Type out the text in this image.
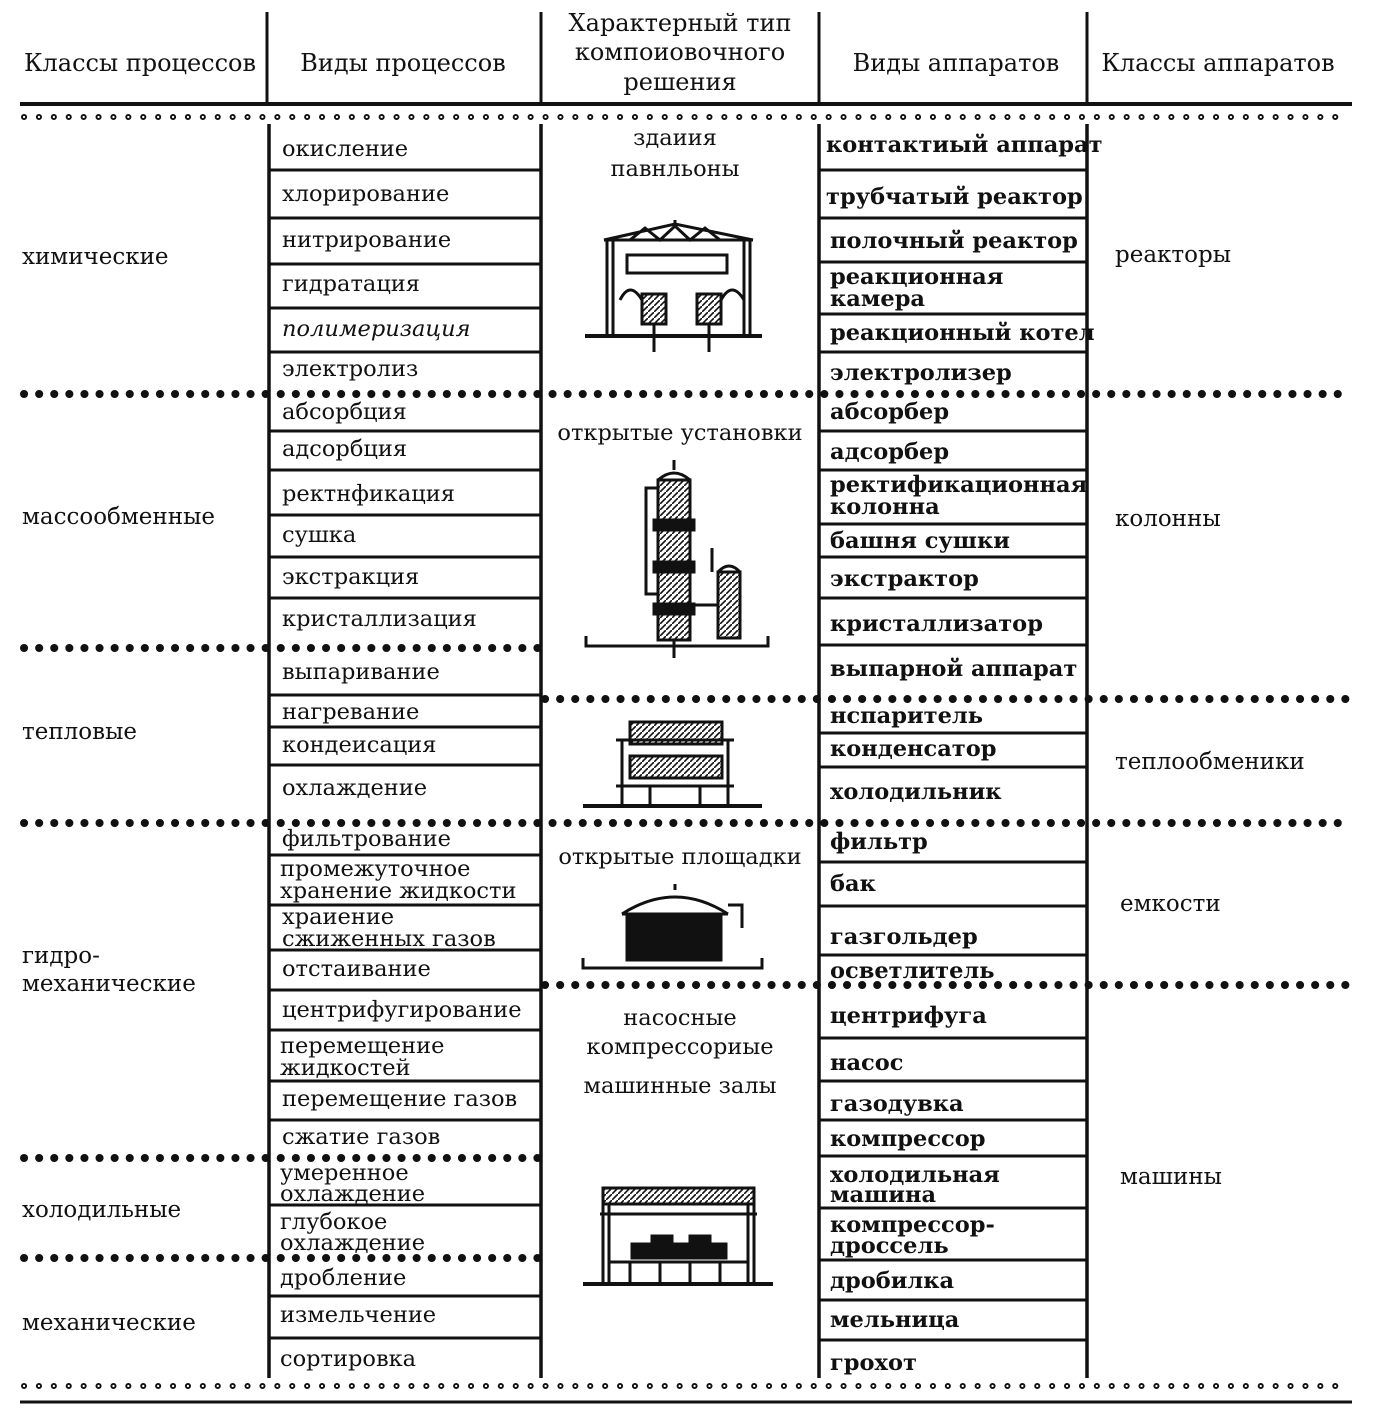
Классы процессов Виды процессов
Характерный тип
компоиовочного
решения
Виды аппаратов Классы аппаратов
химические
массообменные
тепловые
гидро-
механические
холодильные
механические
окисление
хлорирование
нитрирование
гидратация
полимеризация
электролиз
абсорбция
адсорбция
ректнфикация
сушка
экстракция
кристаллизация
выпаривание
нагревание
кондеисация
охлаждение
фильтрование
промежуточное
хранение жидкости
храиение
сжиженных газов
отстаивание
центрифугирование
перемещение
жидкостей
перемещение газов
сжатие газов
умеренное
охлаждение
глубокое
охлаждение
дробление
измельчение
сортировка
здаиия
павнльоны
открытые установки
открытые площадки
насосные
компрессориые
машинные залы
контактиый аппарат
трубчатый реактор
полочный реактор
реакционная
камера
реакционный котел
электролизер
абсорбер
адсорбер
ректификационная
колонна
башня сушки
экстрактор
кристаллизатор
выпарной аппарат
нспаритель
конденсатор
холодильник
фильтр
бак
газгольдер
осветлитель
центрифуга
насос
газодувка
компрессор
холодильная
машина
компрессор-
дроссель
дробилка
мельница
грохот
реакторы
колонны
теплообменики
емкости
машины
